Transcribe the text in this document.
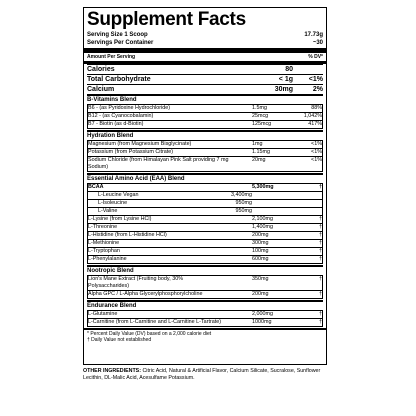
Supplement Facts
Serving Size 1 Scoop	17.73g
Servings Per Container	~30
Amount Per Serving	% DV*
Calories	80
Total Carbohydrate	< 1g	<1%
Calcium	30mg	2%
B-Vitamins Blend
B6 - (as Pyridoxine Hydrochloride)	1.5mg	88%
B12 - (as Cyanocobalamin)	25mcg	1,042%
B7 - Biotin (as d-Biotin)	125mcg	417%
Hydration Blend
Magnesium (from Magnesium Bisglycinate)	1mg	<1%
Potassium (from Potassium Citrate)	1.15mg	<1%
Sodium Chloride (from Himalayan Pink Salt providing 7 mg Sodium)
20mg	<1%
Essential Amino Acid (EAA) Blend
BCAA	5,300mg	†
L-Leucine Vegan	3,400mg
L-Isoleucine	950mg
L-Valine	950mg
L-Lysine (from Lysine HCl)	2,100mg	†
L-Threonine	1,400mg	†
L-Histidine (from L-Histidine HCl)	200mg	†
L-Methionine	300mg	†
L-Tryptophan	100mg	†
L-Phenylalanine	600mg	†
Nootropic Blend
Lion's Mane Extract (Fruiting body, 30% Polysaccharides)
350mg	†
Alpha GPC / L-Alpha Glycerylphosphorylcholine	200mg	†
Endurance Blend
L-Glutamine	2,000mg	†
L-Carnitine (from L-Carnitine and L-Carnitine L-Tartrate)	1000mg	†
* Percent Daily Value (DV) based on a 2,000 calorie diet
† Daily Value not established
OTHER INGREDIENTS: Citric Acid, Natural & Artificial Flavor, Calcium Silicate, Sucralose, Sunflower Lecithin, DL-Malic Acid, Acesulfame Potassium.
